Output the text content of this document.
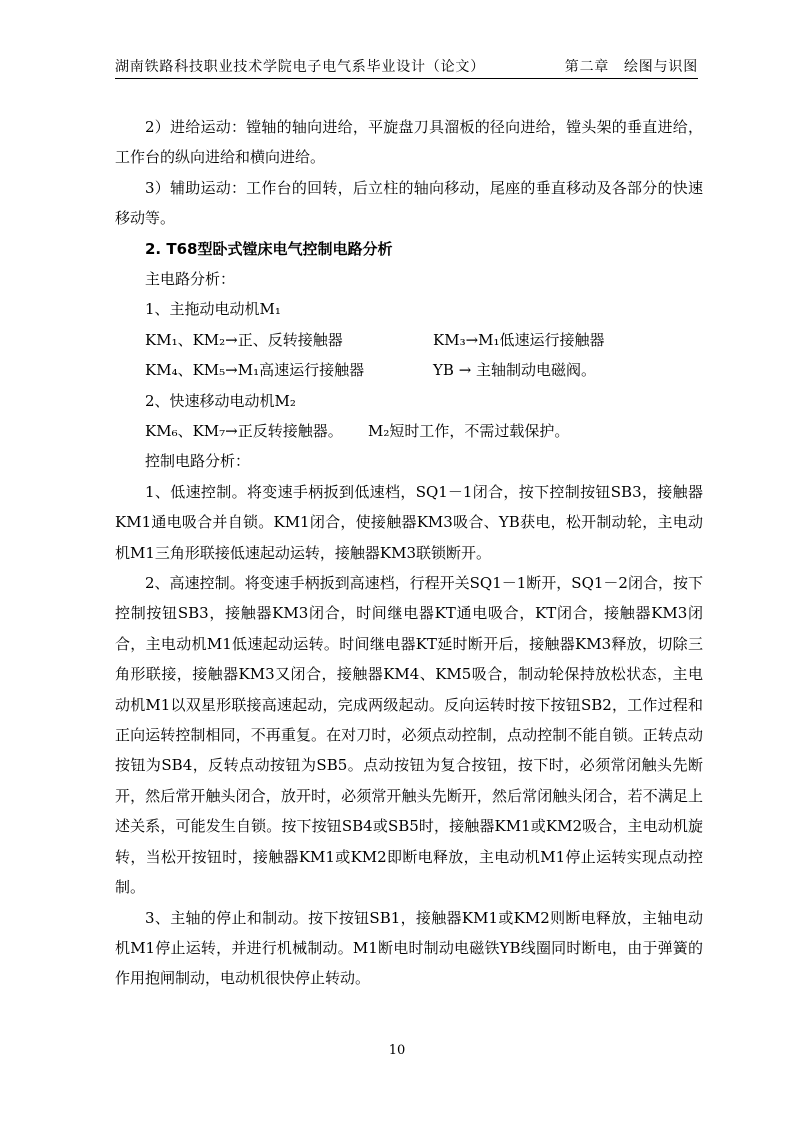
湖南铁路科技职业技术学院电子电气系毕业设计（论文）	第二章　绘图与识图

2）进给运动：镗轴的轴向进给，平旋盘刀具溜板的径向进给，镗头架的垂直进给，工作台的纵向进给和横向进给。

3）辅助运动：工作台的回转，后立柱的轴向移动，尾座的垂直移动及各部分的快速移动等。

2. T68型卧式镗床电气控制电路分析

主电路分析：

1、主拖动电动机M₁

KM₁、KM₂→正、反转接触器	KM₃→M₁低速运行接触器
KM₄、KM₅→M₁高速运行接触器	YB → 主轴制动电磁阀。

2、快速移动电动机M₂

KM₆、KM₇→正反转接触器。 M₂短时工作，不需过载保护。

控制电路分析：

1、低速控制。将变速手柄扳到低速档，SQ1－1闭合，按下控制按钮SB3，接触器KM1通电吸合并自锁。KM1闭合，使接触器KM3吸合、YB获电，松开制动轮，主电动机M1三角形联接低速起动运转，接触器KM3联锁断开。

2、高速控制。将变速手柄扳到高速档，行程开关SQ1－1断开，SQ1－2闭合，按下控制按钮SB3，接触器KM3闭合，时间继电器KT通电吸合，KT闭合，接触器KM3闭合，主电动机M1低速起动运转。时间继电器KT延时断开后，接触器KM3释放，切除三角形联接，接触器KM3又闭合，接触器KM4、KM5吸合，制动轮保持放松状态，主电动机M1以双星形联接高速起动，完成两级起动。反向运转时按下按钮SB2，工作过程和正向运转控制相同，不再重复。在对刀时，必须点动控制，点动控制不能自锁。正转点动按钮为SB4，反转点动按钮为SB5。点动按钮为复合按钮，按下时，必须常闭触头先断开，然后常开触头闭合，放开时，必须常开触头先断开，然后常闭触头闭合，若不满足上述关系，可能发生自锁。按下按钮SB4或SB5时，接触器KM1或KM2吸合，主电动机旋转，当松开按钮时，接触器KM1或KM2即断电释放，主电动机M1停止运转实现点动控制。

3、主轴的停止和制动。按下按钮SB1，接触器KM1或KM2则断电释放，主轴电动机M1停止运转，并进行机械制动。M1断电时制动电磁铁YB线圈同时断电，由于弹簧的作用抱闸制动，电动机很快停止转动。

10
